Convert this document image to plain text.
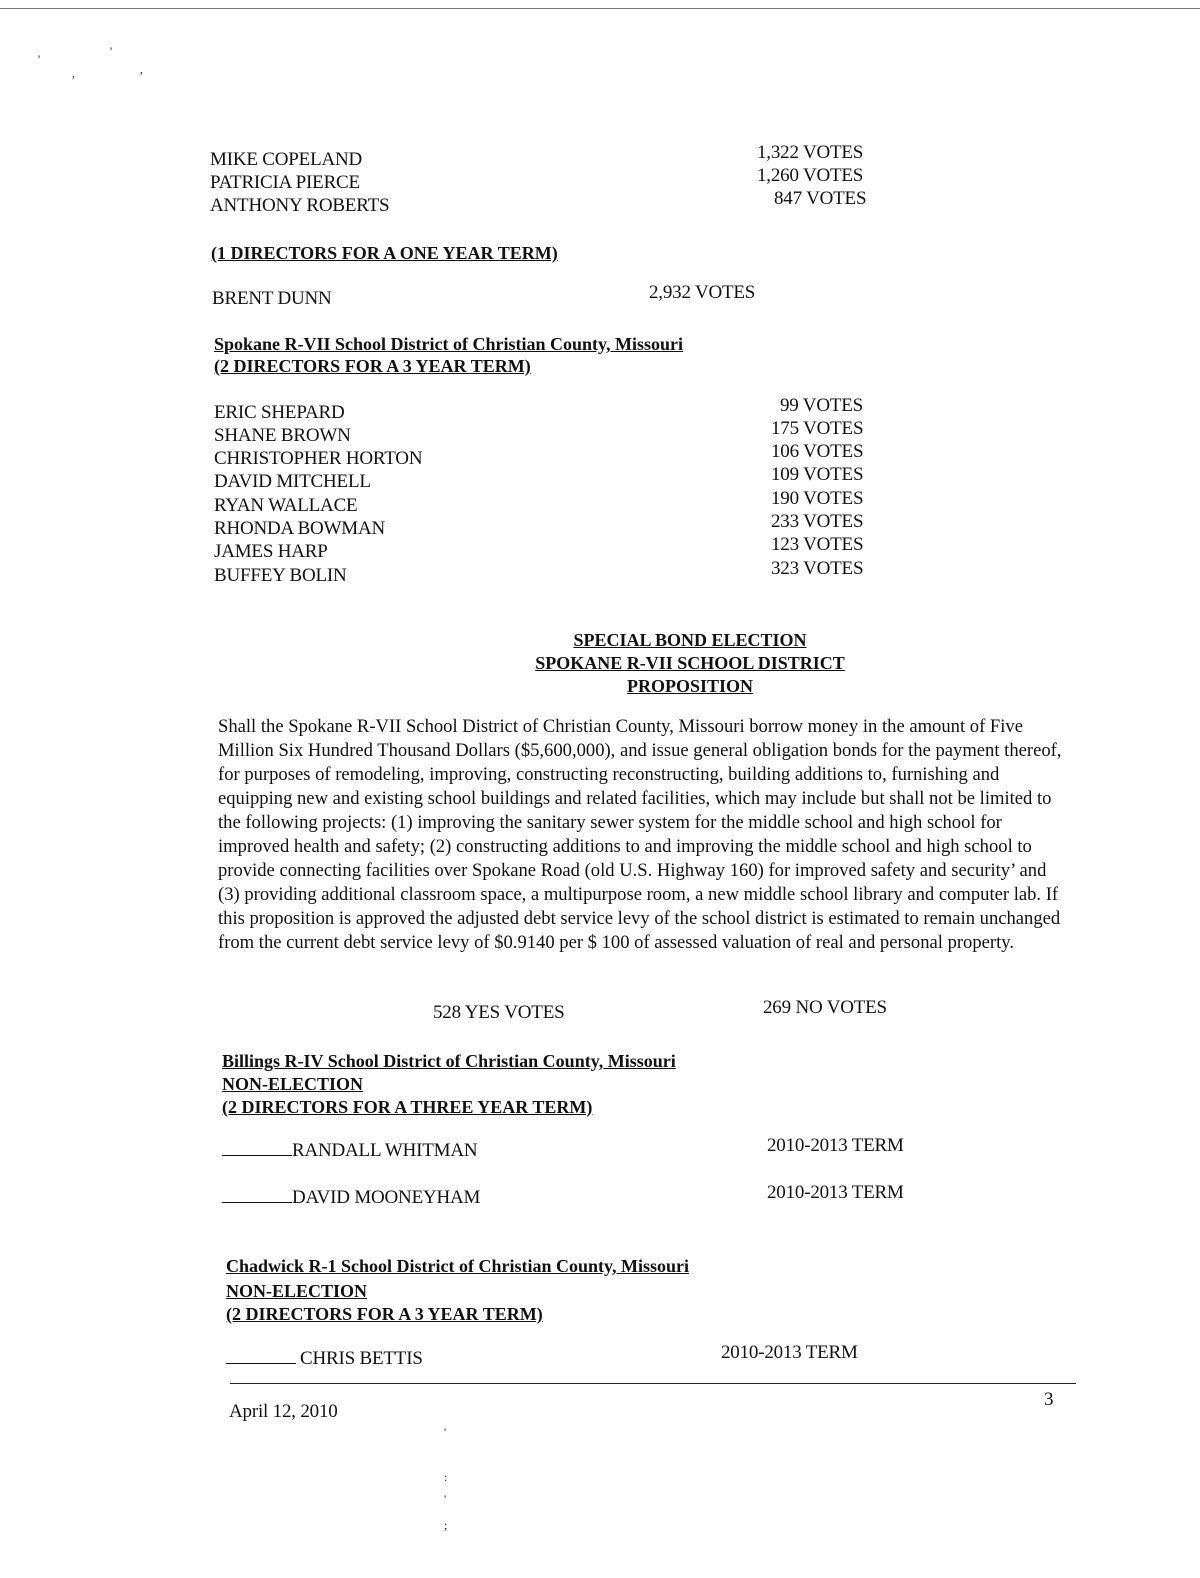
'
'
,	,
MIKE COPELAND	1,322 VOTES
PATRICIA PIERCE	1,260 VOTES
ANTHONY ROBERTS	847 VOTES
(1 DIRECTORS FOR A ONE YEAR TERM)
BRENT DUNN	2,932 VOTES
Spokane R-VII School District of Christian County, Missouri
(2 DIRECTORS FOR A 3 YEAR TERM)
ERIC SHEPARD	99 VOTES
SHANE BROWN	175 VOTES
CHRISTOPHER HORTON	106 VOTES
DAVID MITCHELL	109 VOTES
RYAN WALLACE	190 VOTES
RHONDA BOWMAN	233 VOTES
JAMES HARP	123 VOTES
BUFFEY BOLIN	323 VOTES
SPECIAL BOND ELECTION
SPOKANE R-VII SCHOOL DISTRICT
PROPOSITION
Shall the Spokane R-VII School District of Christian County, Missouri borrow money in the amount of Five Million Six Hundred Thousand Dollars ($5,600,000), and issue general obligation bonds for the payment thereof, for purposes of remodeling, improving, constructing reconstructing, building additions to, furnishing and equipping new and existing school buildings and related facilities, which may include but shall not be limited to the following projects: (1) improving the sanitary sewer system for the middle school and high school for improved health and safety; (2) constructing additions to and improving the middle school and high school to provide connecting facilities over Spokane Road (old U.S. Highway 160) for improved safety and security’ and (3) providing additional classroom space, a multipurpose room, a new middle school library and computer lab. If this proposition is approved the adjusted debt service levy of the school district is estimated to remain unchanged from the current debt service levy of $0.9140 per $ 100 of assessed valuation of real and personal property.
528 YES VOTES	269 NO VOTES
Billings R-IV School District of Christian County, Missouri
NON-ELECTION
(2 DIRECTORS FOR A THREE YEAR TERM)
RANDALL WHITMAN	2010-2013 TERM
DAVID MOONEYHAM	2010-2013 TERM
Chadwick R-1 School District of Christian County, Missouri
NON-ELECTION
(2 DIRECTORS FOR A 3 YEAR TERM)
CHRIS BETTIS	2010-2013 TERM
April 12, 2010
3
'
:
'
;
